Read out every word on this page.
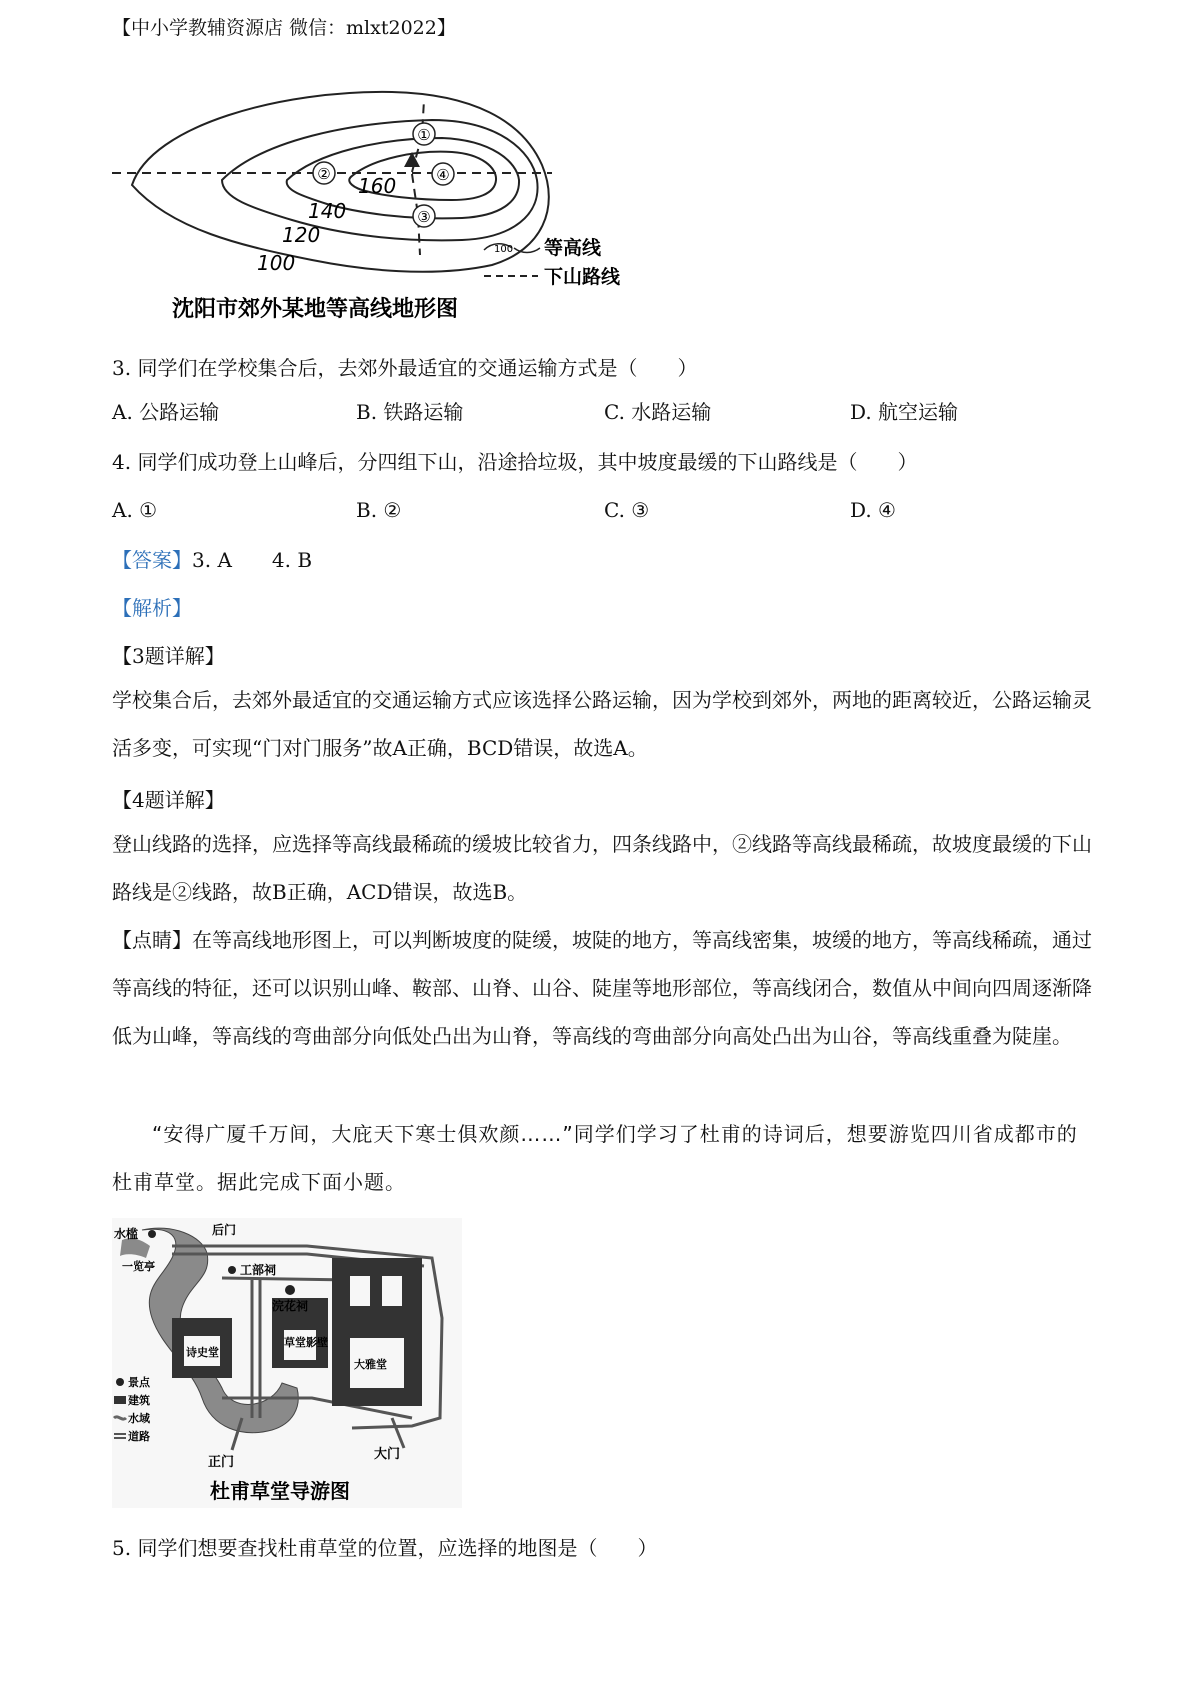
【中小学教辅资源店 微信：mlxt2022】
①
②
③
④
160
140
120
100
100 等高线
下山路线
沈阳市郊外某地等高线地形图
3. 同学们在学校集合后，去郊外最适宜的交通运输方式是（　　）
A. 公路运输	B. 铁路运输	C. 水路运输	D. 航空运输
4. 同学们成功登上山峰后，分四组下山，沿途拾垃圾，其中坡度最缓的下山路线是（　　）
A. ①	B. ②	C. ③	D. ④
【答案】3. A　　4. B
【解析】
【3题详解】
学校集合后，去郊外最适宜的交通运输方式应该选择公路运输，因为学校到郊外，两地的距离较近，公路运输灵活多变，可实现“门对门服务”故A正确，BCD错误，故选A。
【4题详解】
登山线路的选择，应选择等高线最稀疏的缓坡比较省力，四条线路中，②线路等高线最稀疏，故坡度最缓的下山路线是②线路，故B正确，ACD错误，故选B。
【点睛】在等高线地形图上，可以判断坡度的陡缓，坡陡的地方，等高线密集，坡缓的地方，等高线稀疏，通过等高线的特征，还可以识别山峰、鞍部、山脊、山谷、陡崖等地形部位，等高线闭合，数值从中间向四周逐渐降低为山峰，等高线的弯曲部分向低处凸出为山脊，等高线的弯曲部分向高处凸出为山谷，等高线重叠为陡崖。
“安得广厦千万间，大庇天下寒士俱欢颜……”同学们学习了杜甫的诗词后，想要游览四川省成都市的杜甫草堂。据此完成下面小题。
水槛	后门
一览亭	工部祠
浣花祠
诗史堂
草堂影壁
大雅堂
正门
大门
景点
建筑
水域
道路
杜甫草堂导游图
5. 同学们想要查找杜甫草堂的位置，应选择的地图是（　　）
